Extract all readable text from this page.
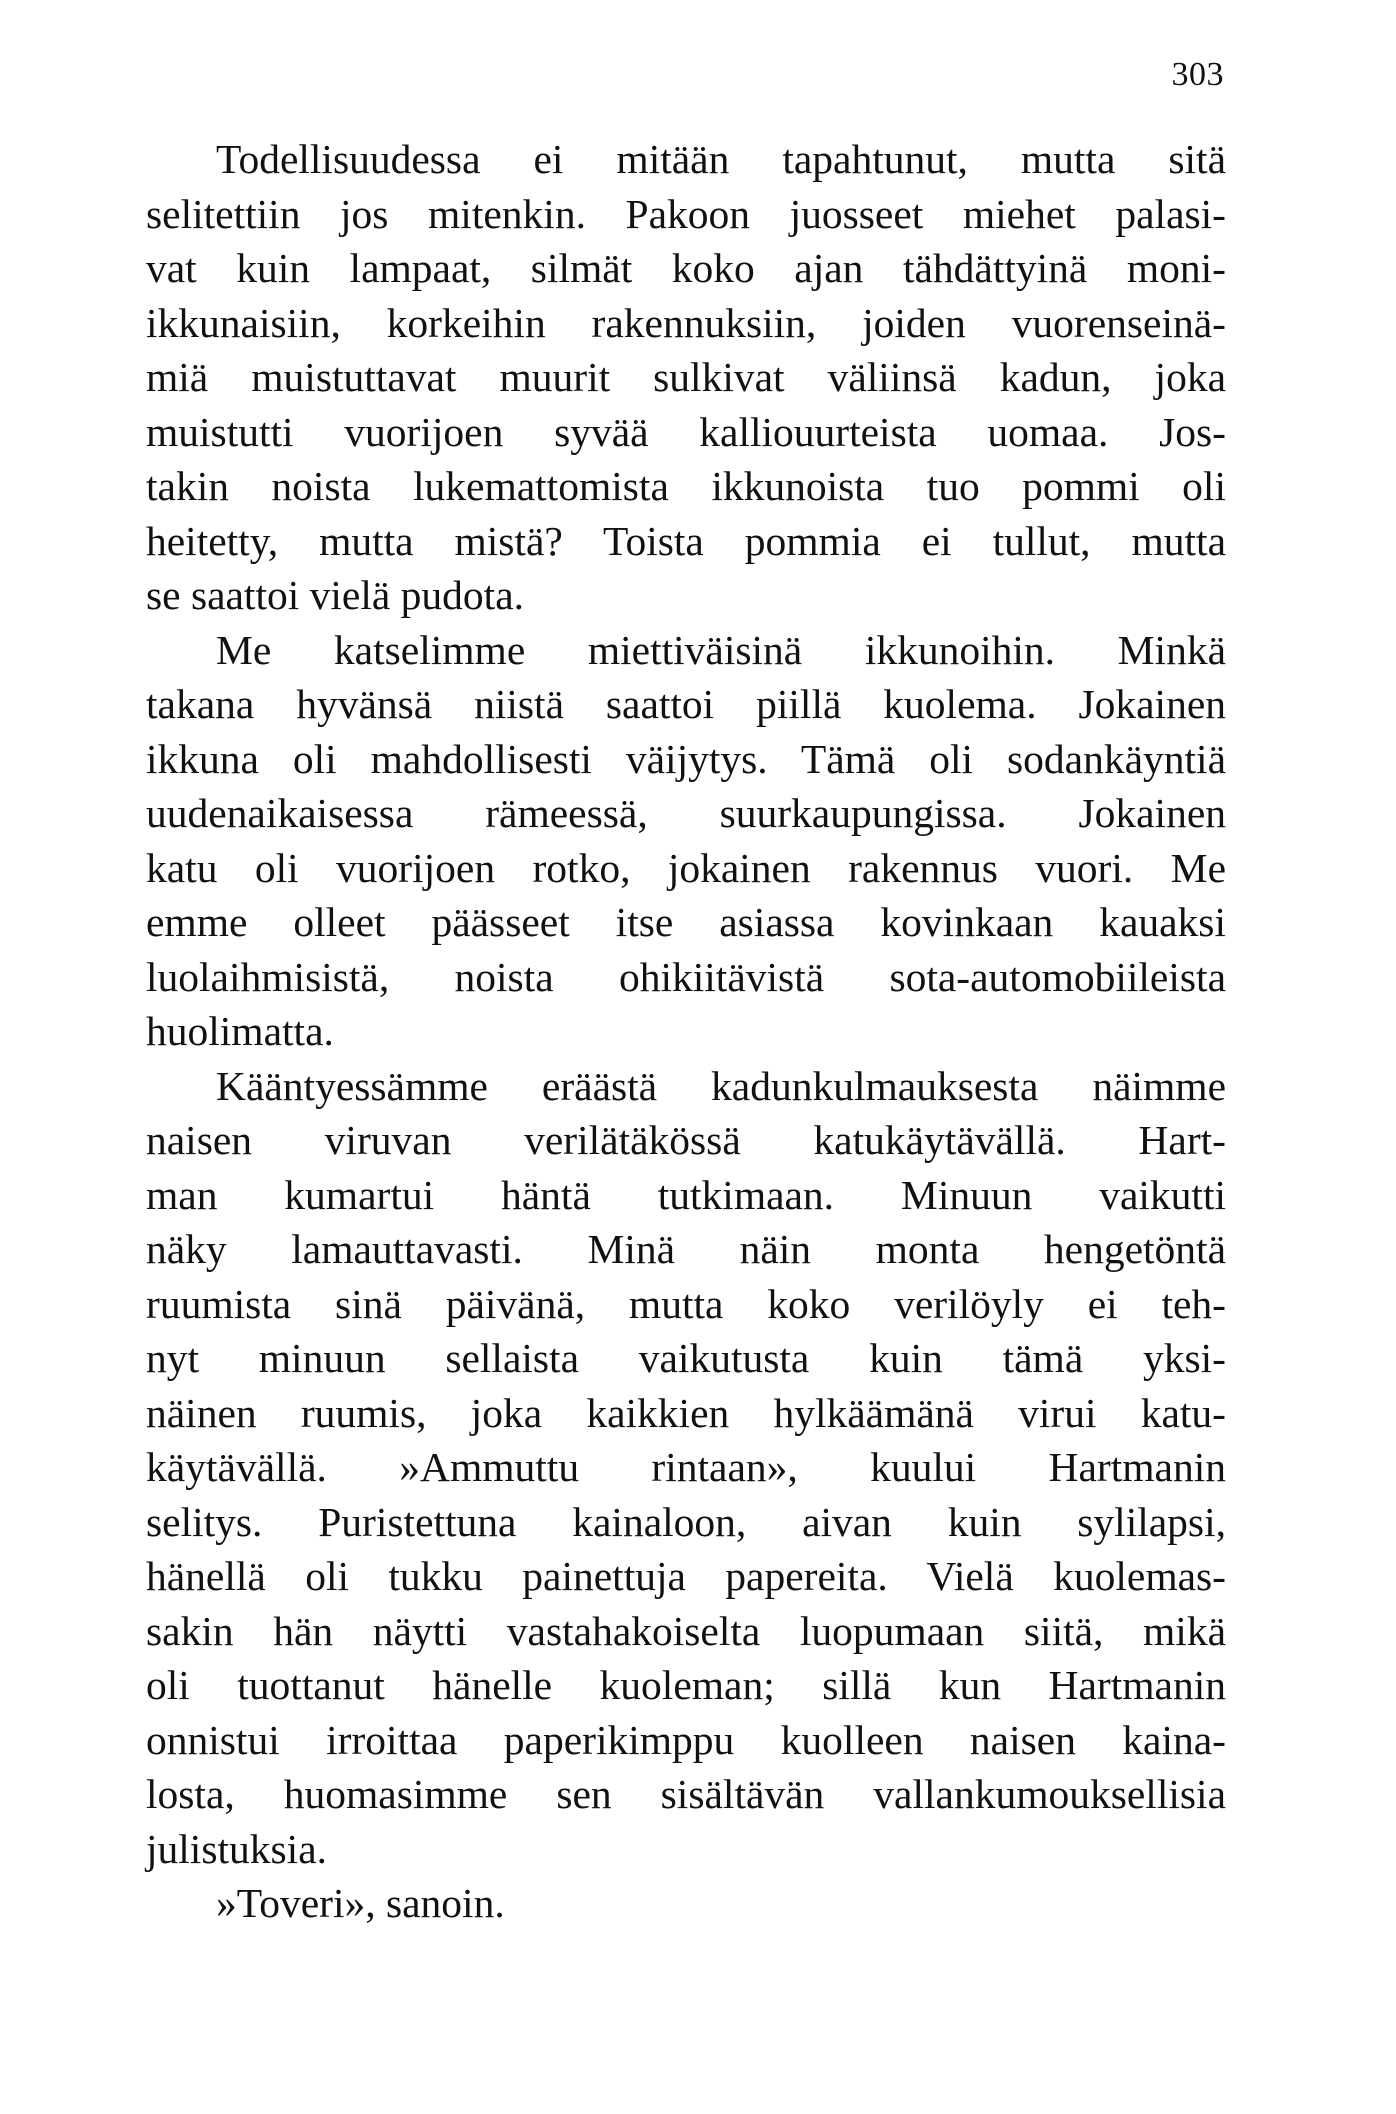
303
Todellisuudessa ei mitään tapahtunut, mutta sitä
selitettiin jos mitenkin. Pakoon juosseet miehet palasi-
vat kuin lampaat, silmät koko ajan tähdättyinä moni-
ikkunaisiin, korkeihin rakennuksiin, joiden vuorenseinä-
miä muistuttavat muurit sulkivat väliinsä kadun, joka
muistutti vuorijoen syvää kalliouurteista uomaa. Jos-
takin noista lukemattomista ikkunoista tuo pommi oli
heitetty, mutta mistä? Toista pommia ei tullut, mutta
se saattoi vielä pudota.
Me katselimme miettiväisinä ikkunoihin. Minkä
takana hyvänsä niistä saattoi piillä kuolema. Jokainen
ikkuna oli mahdollisesti väijytys. Tämä oli sodankäyntiä
uudenaikaisessa rämeessä, suurkaupungissa. Jokainen
katu oli vuorijoen rotko, jokainen rakennus vuori. Me
emme olleet päässeet itse asiassa kovinkaan kauaksi
luolaihmisistä, noista ohikiitävistä sota-automobiileista
huolimatta.
Kääntyessämme eräästä kadunkulmauksesta näimme
naisen viruvan verilätäkössä katukäytävällä. Hart-
man kumartui häntä tutkimaan. Minuun vaikutti
näky lamauttavasti. Minä näin monta hengetöntä
ruumista sinä päivänä, mutta koko verilöyly ei teh-
nyt minuun sellaista vaikutusta kuin tämä yksi-
näinen ruumis, joka kaikkien hylkäämänä virui katu-
käytävällä. »Ammuttu rintaan», kuului Hartmanin
selitys. Puristettuna kainaloon, aivan kuin sylilapsi,
hänellä oli tukku painettuja papereita. Vielä kuolemas-
sakin hän näytti vastahakoiselta luopumaan siitä, mikä
oli tuottanut hänelle kuoleman; sillä kun Hartmanin
onnistui irroittaa paperikimppu kuolleen naisen kaina-
losta, huomasimme sen sisältävän vallankumouksellisia
julistuksia.
»Toveri», sanoin.
